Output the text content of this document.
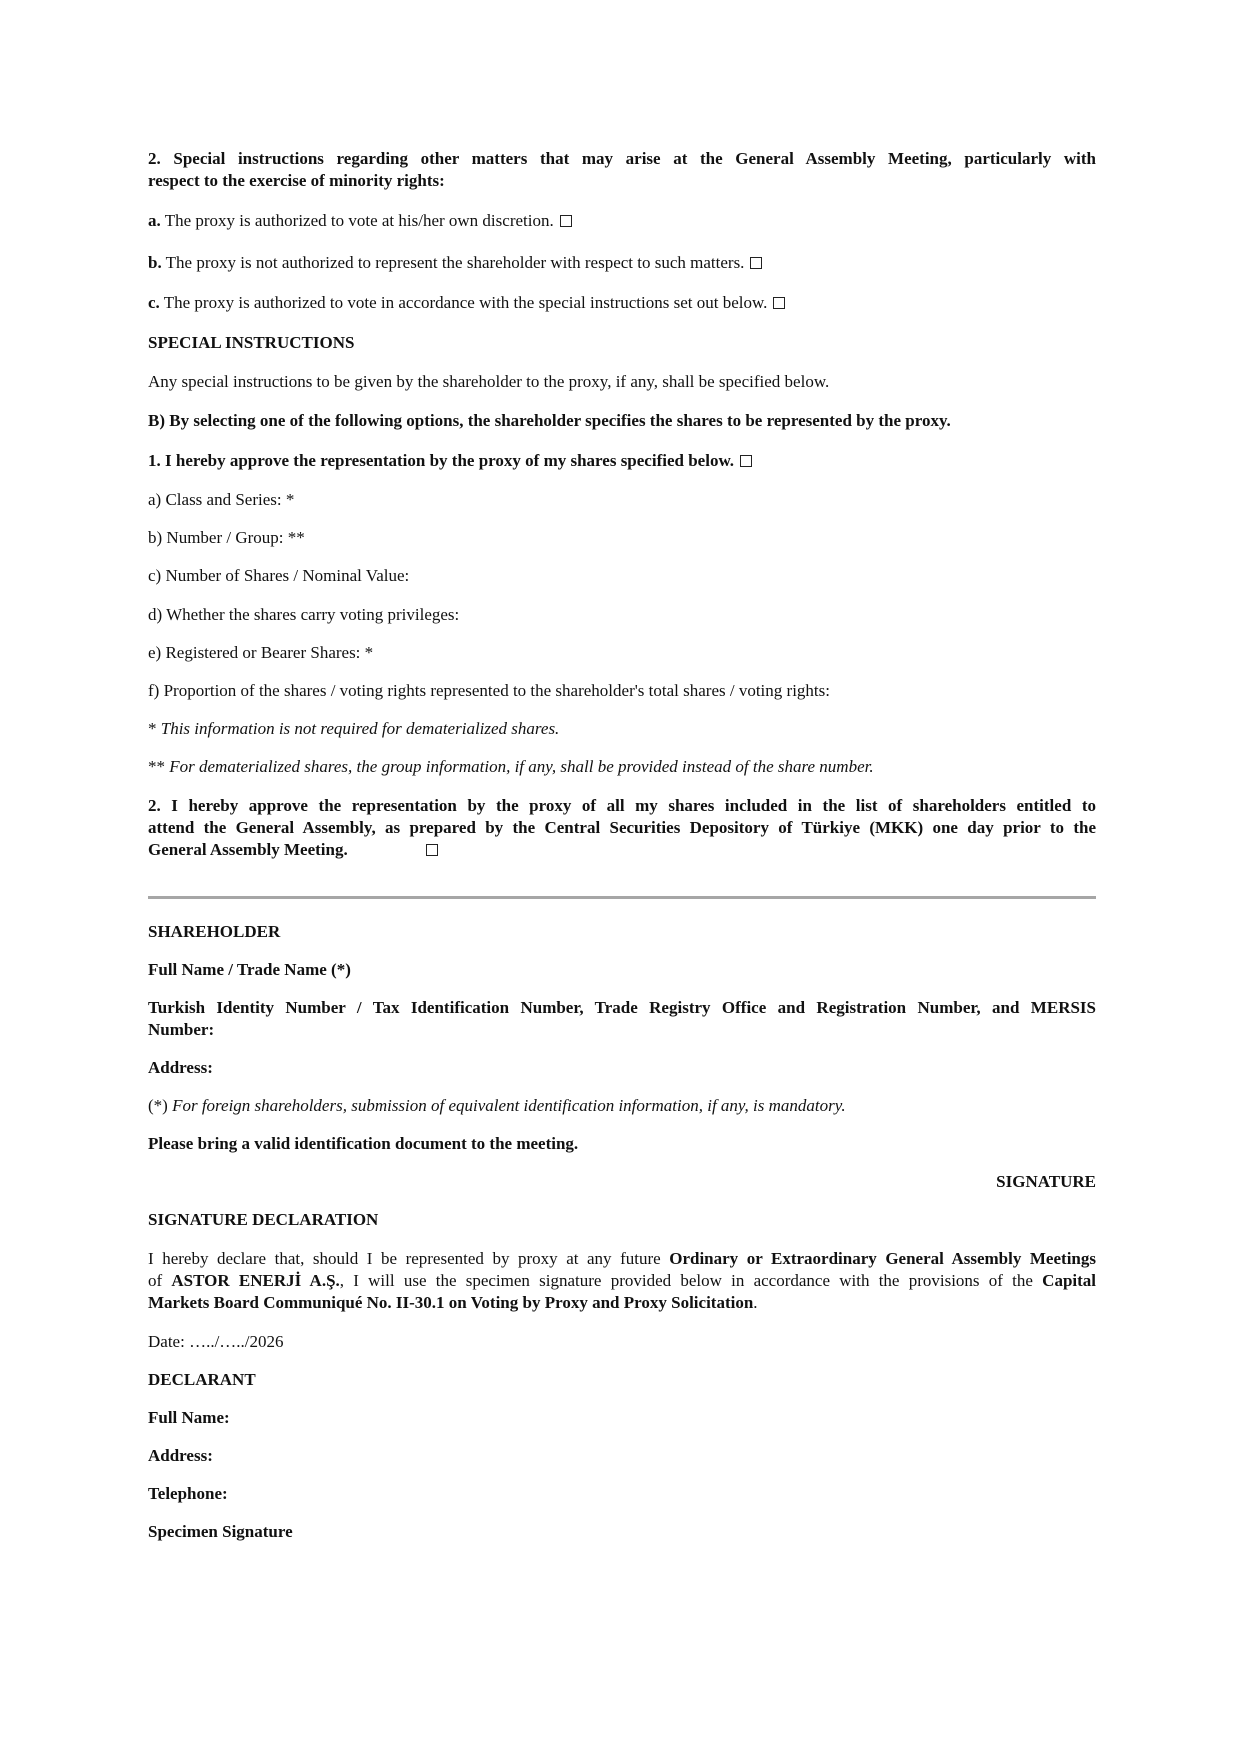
2. Special instructions regarding other matters that may arise at the General Assembly Meeting, particularly with

respect to the exercise of minority rights:

a. The proxy is authorized to vote at his/her own discretion.

b. The proxy is not authorized to represent the shareholder with respect to such matters.

c. The proxy is authorized to vote in accordance with the special instructions set out below.

SPECIAL INSTRUCTIONS

Any special instructions to be given by the shareholder to the proxy, if any, shall be specified below.

B) By selecting one of the following options, the shareholder specifies the shares to be represented by the proxy.

1. I hereby approve the representation by the proxy of my shares specified below.

a) Class and Series: *

b) Number / Group: **

c) Number of Shares / Nominal Value:

d) Whether the shares carry voting privileges:

e) Registered or Bearer Shares: *

f) Proportion of the shares / voting rights represented to the shareholder's total shares / voting rights:

* This information is not required for dematerialized shares.

** For dematerialized shares, the group information, if any, shall be provided instead of the share number.

2. I hereby approve the representation by the proxy of all my shares included in the list of shareholders entitled to

attend the General Assembly, as prepared by the Central Securities Depository of Türkiye (MKK) one day prior to the

General Assembly Meeting.

SHAREHOLDER

Full Name / Trade Name (*)

Turkish Identity Number / Tax Identification Number, Trade Registry Office and Registration Number, and MERSIS

Number:

Address:

(*) For foreign shareholders, submission of equivalent identification information, if any, is mandatory.

Please bring a valid identification document to the meeting.

SIGNATURE

SIGNATURE DECLARATION

I hereby declare that, should I be represented by proxy at any future Ordinary or Extraordinary General Assembly Meetings

of ASTOR ENERJİ A.Ş., I will use the specimen signature provided below in accordance with the provisions of the Capital

Markets Board Communiqué No. II-30.1 on Voting by Proxy and Proxy Solicitation.

Date: …../…../2026

DECLARANT

Full Name:

Address:

Telephone:

Specimen Signature
